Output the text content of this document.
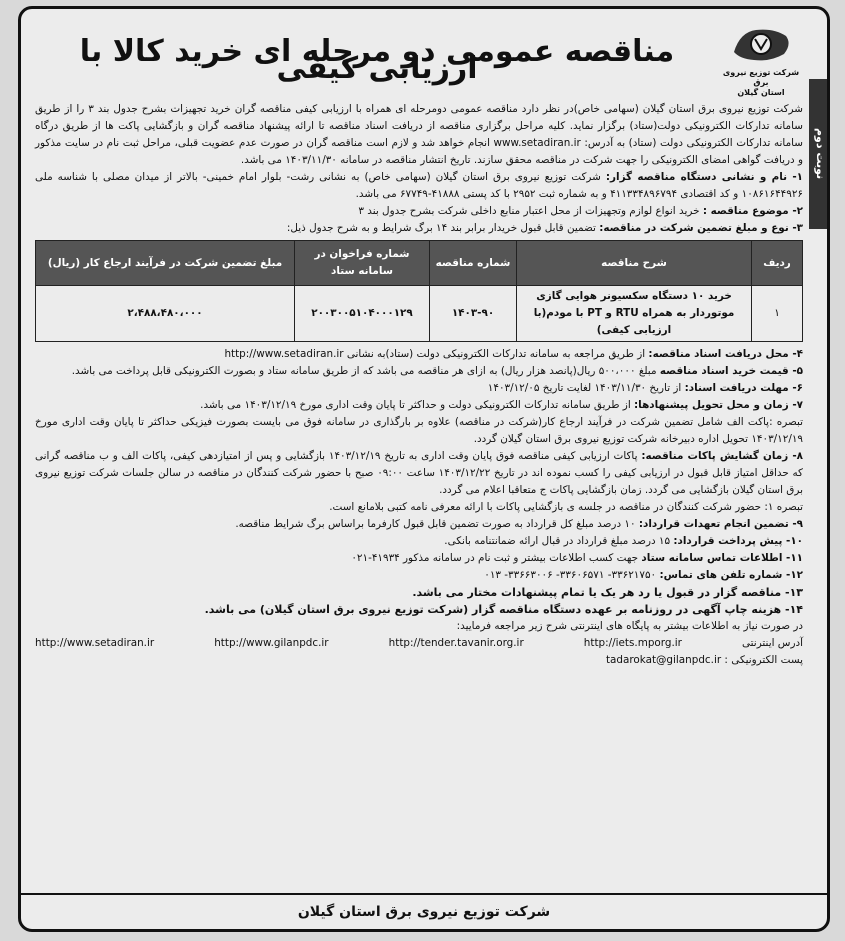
نوبت دوم
شرکت توزیع نیروی برق
استان گیلان
مناقصه عمومی دو مرحله ای خرید کالا با ارزیابی کیفی

شرکت توزیع نیروی برق استان گیلان (سهامی خاص)در نظر دارد مناقصه عمومی دومرحله ای همراه با ارزیابی کیفی مناقصه گران خرید تجهیزات بشرح جدول بند ۳ را از طریق سامانه تدارکات الکترونیکی دولت(ستاد) برگزار نماید. کلیه مراحل برگزاری مناقصه از دریافت اسناد مناقصه تا ارائه پیشنهاد مناقصه گران و بازگشایی پاکت ها از طریق درگاه سامانه تدارکات الکترونیکی دولت (ستاد) به آدرس: www.setadiran.ir انجام خواهد شد و لازم است مناقصه گران در صورت عدم عضویت قبلی، مراحل ثبت نام در سایت مذکور و دریافت گواهی امضای الکترونیکی را جهت شرکت در مناقصه محقق سازند. تاریخ انتشار مناقصه در سامانه ۱۴۰۳/۱۱/۳۰ می باشد.

۱- نام و نشانی دستگاه مناقصه گزار: شرکت توزیع نیروی برق استان گیلان (سهامی خاص) به نشانی رشت- بلوار امام خمینی- بالاتر از میدان مصلی با شناسه ملی ۱۰۸۶۱۶۴۴۹۲۶ و کد اقتصادی ۴۱۱۳۳۴۸۹۶۷۹۴ و به شماره ثبت ۲۹۵۲ با کد پستی ۴۱۸۸۸-۶۷۷۴۹ می باشد.

۲- موضوع مناقصه : خرید انواع لوازم وتجهیزات از محل اعتبار منابع داخلی شرکت بشرح جدول بند ۳

۳- نوع و مبلغ تضمین شرکت در مناقصه: تضمین قابل قبول خریدار برابر بند ۱۴ برگ شرایط و به شرح جدول ذیل:

ردیف	شرح مناقصه	شماره مناقصه	شماره فراخوان در سامانه ستاد	مبلغ تضمین شرکت در فرآیند ارجاع کار (ریال)
۱	خرید ۱۰ دستگاه سکسیونر هوایی گازی موتوردار به همراه RTU و PT با مودم(با ارزیابی کیفی)	۱۴۰۳-۹۰	۲۰۰۳۰۰۵۱۰۴۰۰۰۱۲۹	۲،۴۸۸،۴۸۰،۰۰۰

۴- محل دریافت اسناد مناقصه: از طریق مراجعه به سامانه تدارکات الکترونیکی دولت (ستاد)به نشانی http://www.setadiran.ir

۵- قیمت خرید اسناد مناقصه مبلغ ۵۰۰،۰۰۰ ریال(پانصد هزار ریال) به ازای هر مناقصه می باشد که از طریق سامانه ستاد و بصورت الکترونیکی قابل پرداخت می باشد.

۶- مهلت دریافت اسناد: از تاریخ ۱۴۰۳/۱۱/۳۰ لغایت تاریخ ۱۴۰۳/۱۲/۰۵

۷- زمان و محل تحویل پیشنهادها: از طریق سامانه تدارکات الکترونیکی دولت و حداکثر تا پایان وقت اداری مورخ ۱۴۰۳/۱۲/۱۹ می باشد.

تبصره :پاکت الف شامل تضمین شرکت در فرآیند ارجاع کار(شرکت در مناقصه) علاوه بر بارگذاری در سامانه فوق می بایست بصورت فیزیکی حداکثر تا پایان وقت اداری مورخ ۱۴۰۳/۱۲/۱۹ تحویل اداره دبیرخانه شرکت توزیع نیروی برق استان گیلان گردد.

۸- زمان گشایش پاکات مناقصه: پاکات ارزیابی کیفی مناقصه فوق پایان وقت اداری به تاریخ ۱۴۰۳/۱۲/۱۹ بازگشایی و پس از امتیازدهی کیفی، پاکات الف و ب مناقصه گرانی که حداقل امتیاز قابل قبول در ارزیابی کیفی را کسب نموده اند در تاریخ ۱۴۰۳/۱۲/۲۲ ساعت ۰۹:۰۰ صبح با حضور شرکت کنندگان در مناقصه در سالن جلسات شرکت توزیع نیروی برق استان گیلان بازگشایی می گردد. زمان بازگشایی پاکات ج متعاقبا اعلام می گردد.

تبصره ۱: حضور شرکت کنندگان در مناقصه در جلسه ی بازگشایی پاکات با ارائه معرفی نامه کتبی بلامانع است.

۹- تضمین انجام تعهدات قرارداد: ۱۰ درصد مبلغ کل قرارداد به صورت تضمین قابل قبول کارفرما براساس برگ شرایط مناقصه.

۱۰- پیش پرداخت قرارداد: ۱۵ درصد مبلغ قرارداد در قبال ارائه ضمانتنامه بانکی.

۱۱- اطلاعات تماس سامانه ستاد جهت کسب اطلاعات بیشتر و ثبت نام در سامانه مذکور ۴۱۹۳۴-۰۲۱

۱۲- شماره تلفن های تماس: ۳۳۶۲۱۷۵۰- ۳۳۶۰۶۵۷۱- ۳۳۶۶۳۰۰۶- ۰۱۳

۱۳- مناقصه گزار در قبول یا رد هر یک یا تمام پیشنهادات مختار می باشد.

۱۴- هزینه چاپ آگهی در روزنامه بر عهده دستگاه مناقصه گزار (شرکت توزیع نیروی برق استان گیلان) می باشد.

در صورت نیاز به اطلاعات بیشتر به پایگاه های اینترنتی شرح زیر مراجعه فرمایید:

آدرس اینترنتی
http://iets.mporg.ir
http://tender.tavanir.org.ir
http://www.gilanpdc.ir
http://www.setadiran.ir
پست الکترونیکی : tadarokat@gilanpdc.ir
شرکت توزیع نیروی برق استان گیلان
